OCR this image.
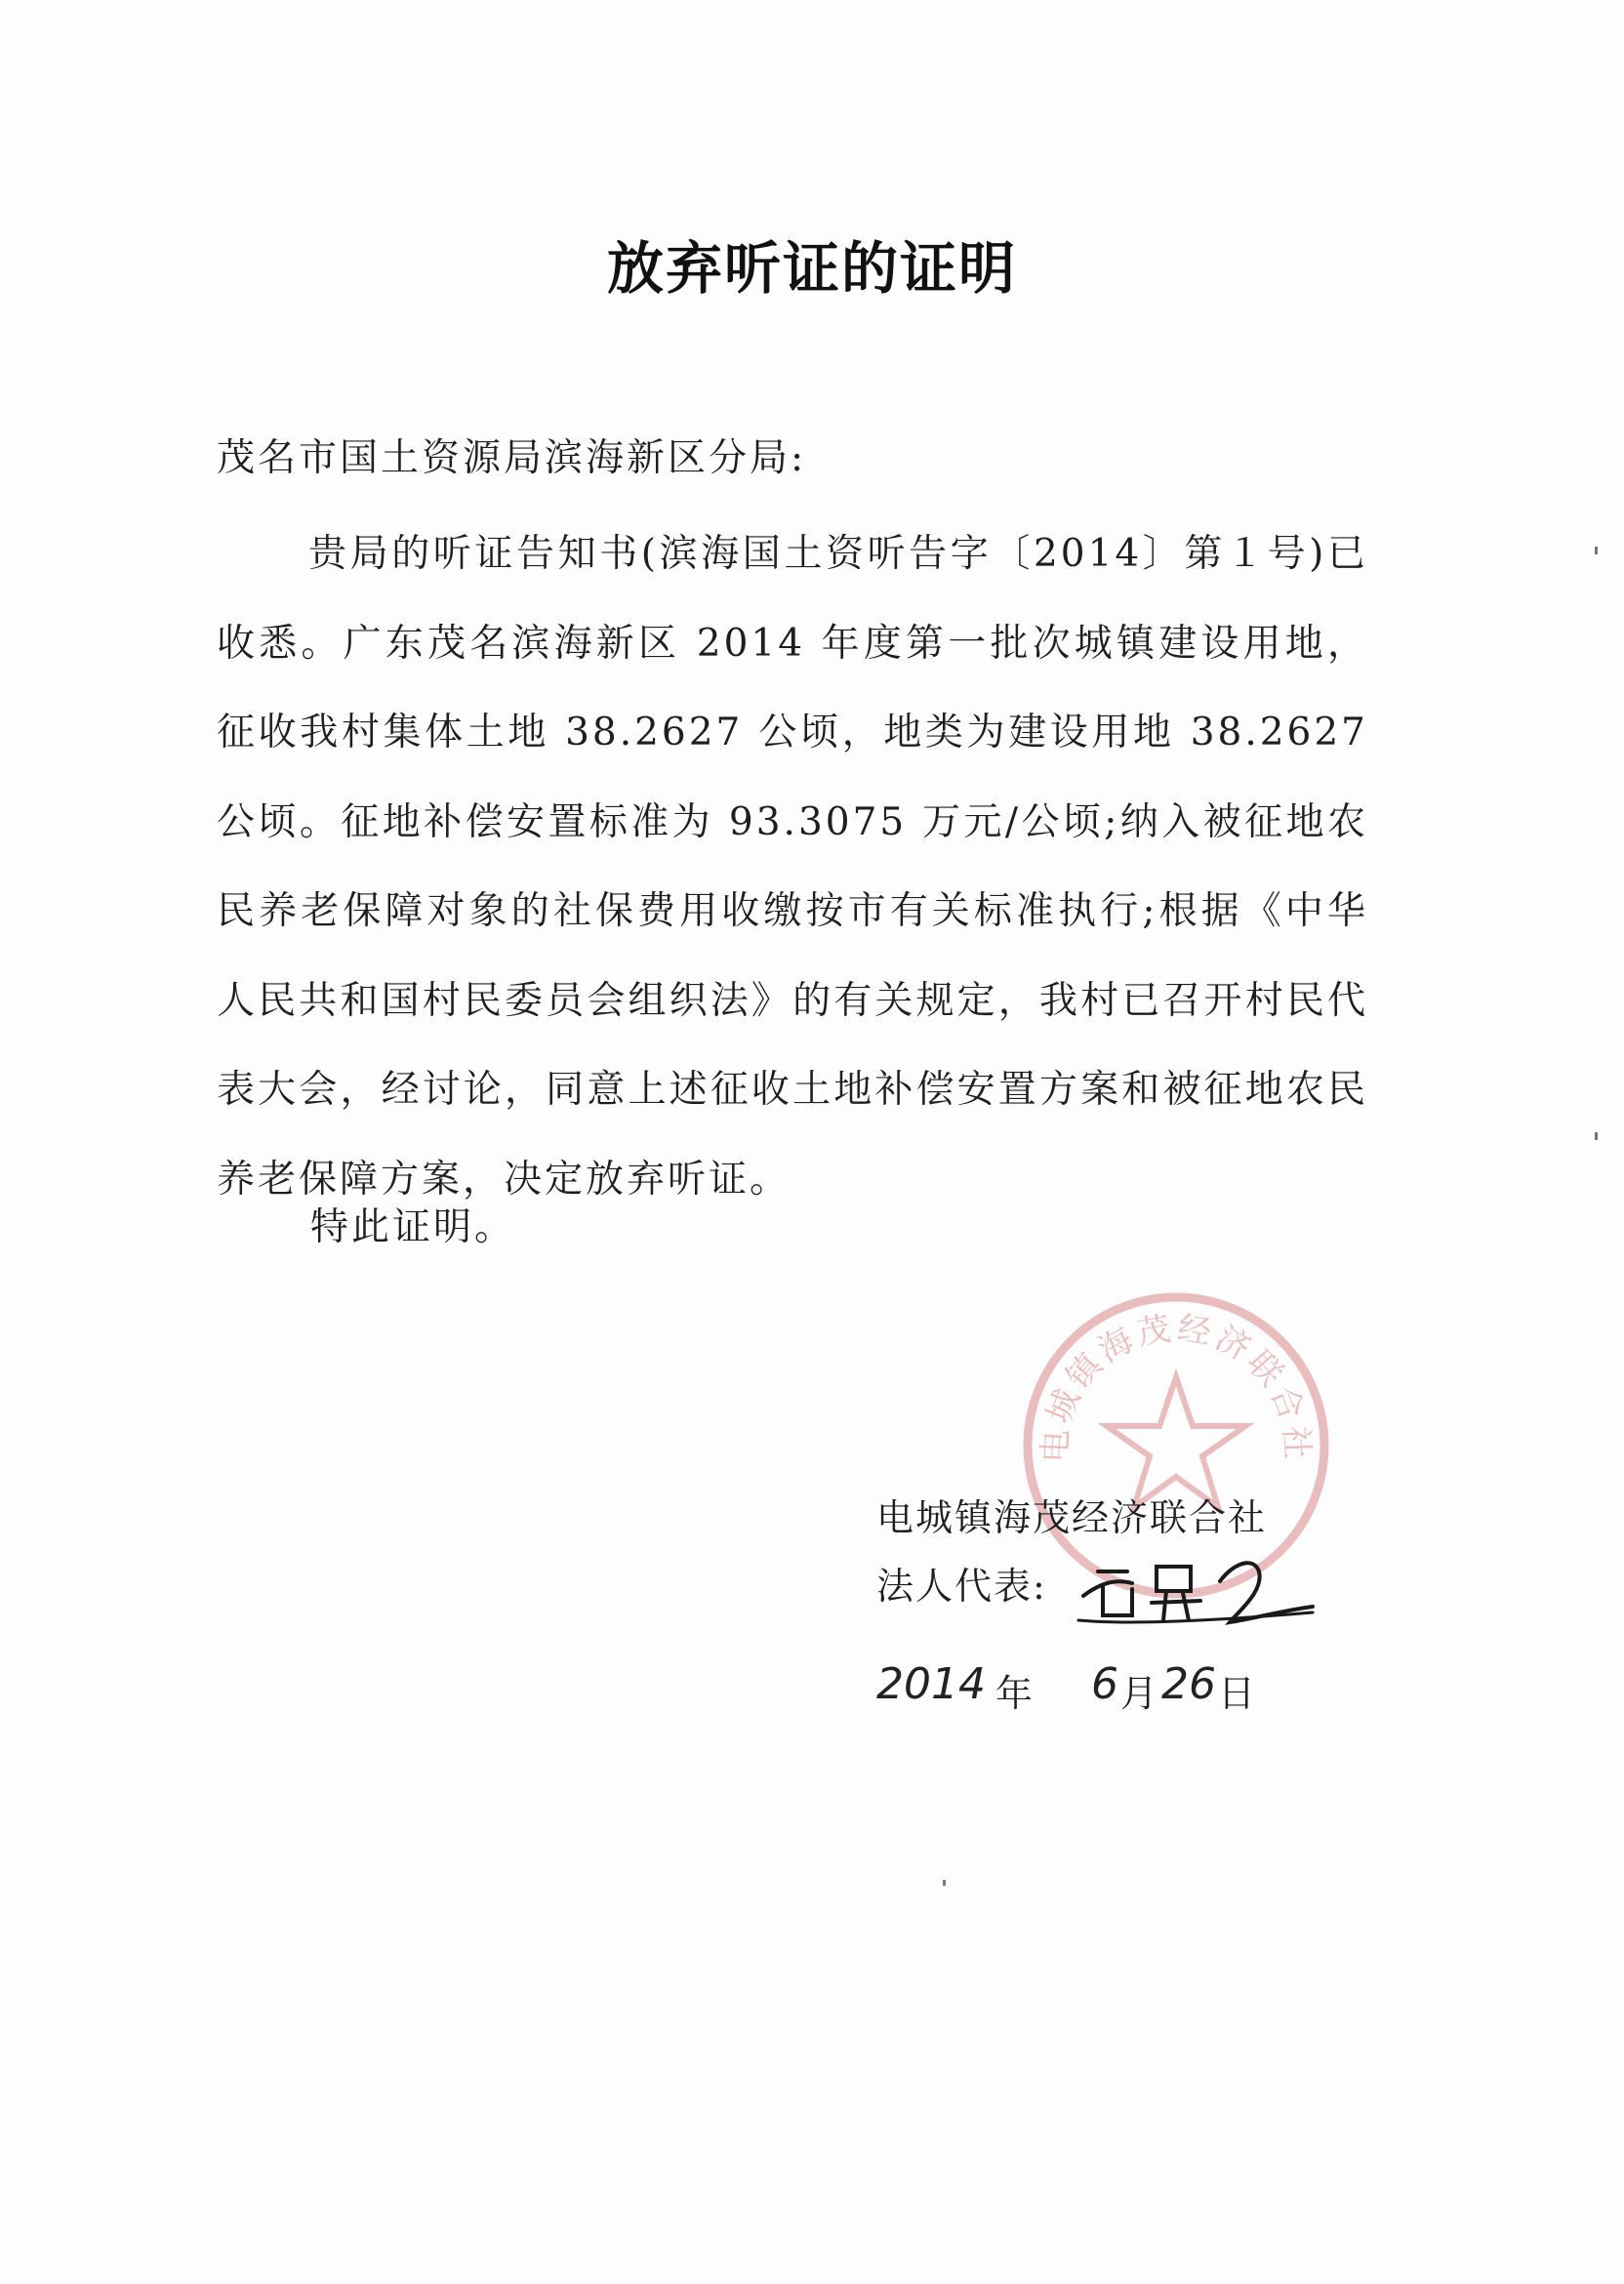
放弃听证的证明
茂名市国土资源局滨海新区分局:

贵局的听证告知书(滨海国土资听告字〔2014〕第１号)已收悉。广东茂名滨海新区 2014 年度第一批次城镇建设用地，征收我村集体土地 38.2627 公顷，地类为建设用地 38.2627 公顷。征地补偿安置标准为 93.3075 万元/公顷;纳入被征地农民养老保障对象的社保费用收缴按市有关标准执行;根据《中华人民共和国村民委员会组织法》的有关规定，我村已召开村民代表大会，经讨论，同意上述征收土地补偿安置方案和被征地农民养老保障方案，决定放弃听证。

特此证明。
电城镇海茂经济联合社
电城镇海茂经济联合社
法人代表:
2014 年 6 月 26 日
